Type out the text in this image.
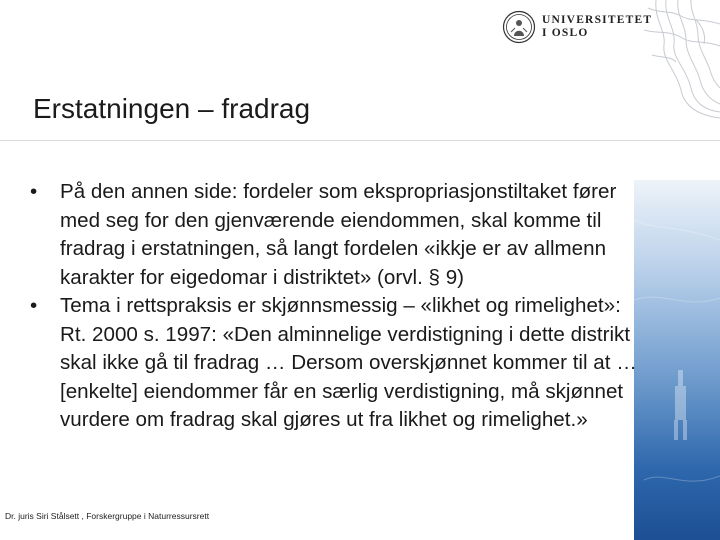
UNIVERSITETET
I OSLO
Erstatningen – fradrag
• På den annen side: fordeler som ekspropriasjonstiltaket fører med seg for den gjenværende eiendommen, skal komme til fradrag i erstatningen, så langt fordelen «ikkje er av allmenn karakter for eigedomar i distriktet» (orvl. § 9)
• Tema i rettspraksis er skjønnsmessig – «likhet og rimelighet»: Rt. 2000 s. 1997: «Den alminnelige verdistigning i dette distrikt skal ikke gå til fradrag … Dersom overskjønnet kommer til at … [enkelte] eiendommer får en særlig verdistigning, må skjønnet vurdere om fradrag skal gjøres ut fra likhet og rimelighet.»
Dr. juris Siri Stålsett , Forskergruppe i Naturressursrett
